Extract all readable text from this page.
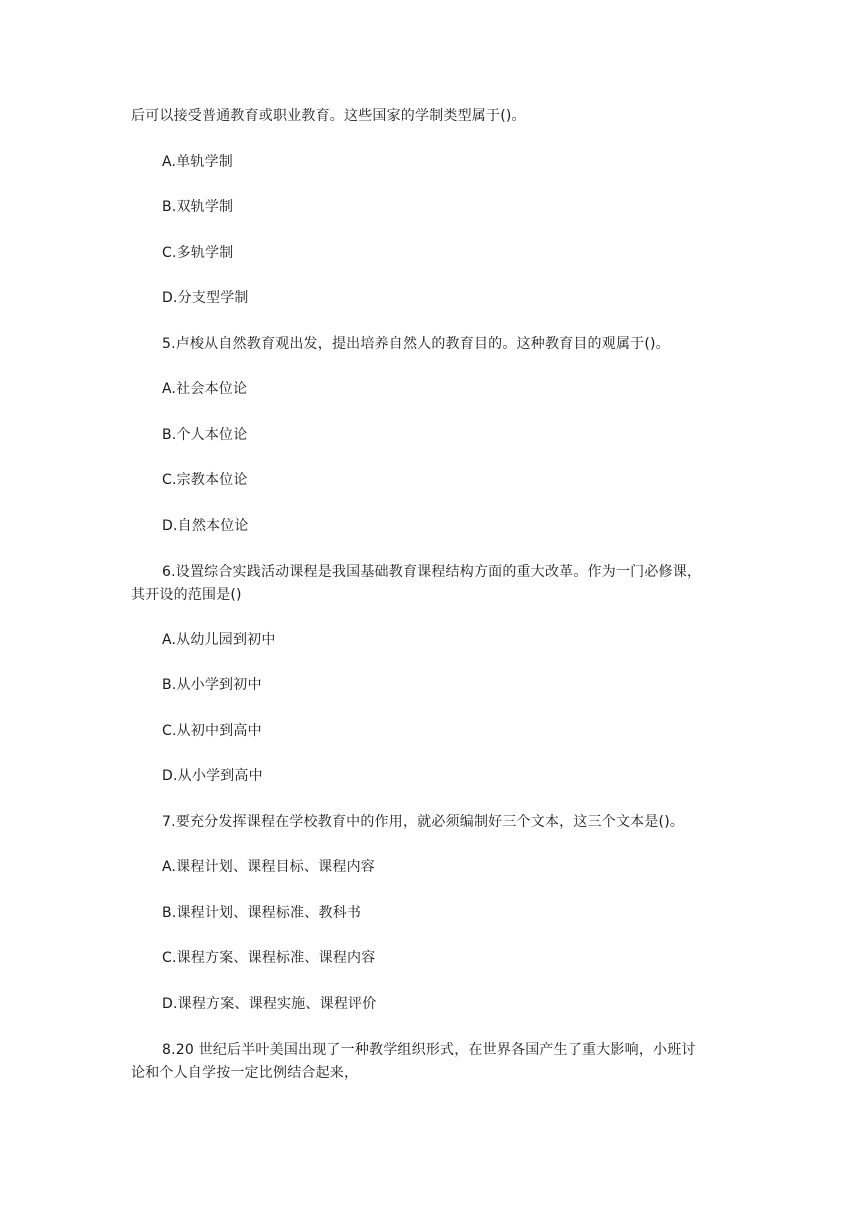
后可以接受普通教育或职业教育。这些国家的学制类型属于()。
A.单轨学制
B.双轨学制
C.多轨学制
D.分支型学制
5.卢梭从自然教育观出发，提出培养自然人的教育目的。这种教育目的观属于()。
A.社会本位论
B.个人本位论
C.宗教本位论
D.自然本位论
6.设置综合实践活动课程是我国基础教育课程结构方面的重大改革。作为一门必修课，
其开设的范围是()
A.从幼儿园到初中
B.从小学到初中
C.从初中到高中
D.从小学到高中
7.要充分发挥课程在学校教育中的作用，就必须编制好三个文本，这三个文本是()。
A.课程计划、课程目标、课程内容
B.课程计划、课程标准、教科书
C.课程方案、课程标准、课程内容
D.课程方案、课程实施、课程评价
8.20 世纪后半叶美国出现了一种教学组织形式，在世界各国产生了重大影响，小班讨
论和个人自学按一定比例结合起来，
